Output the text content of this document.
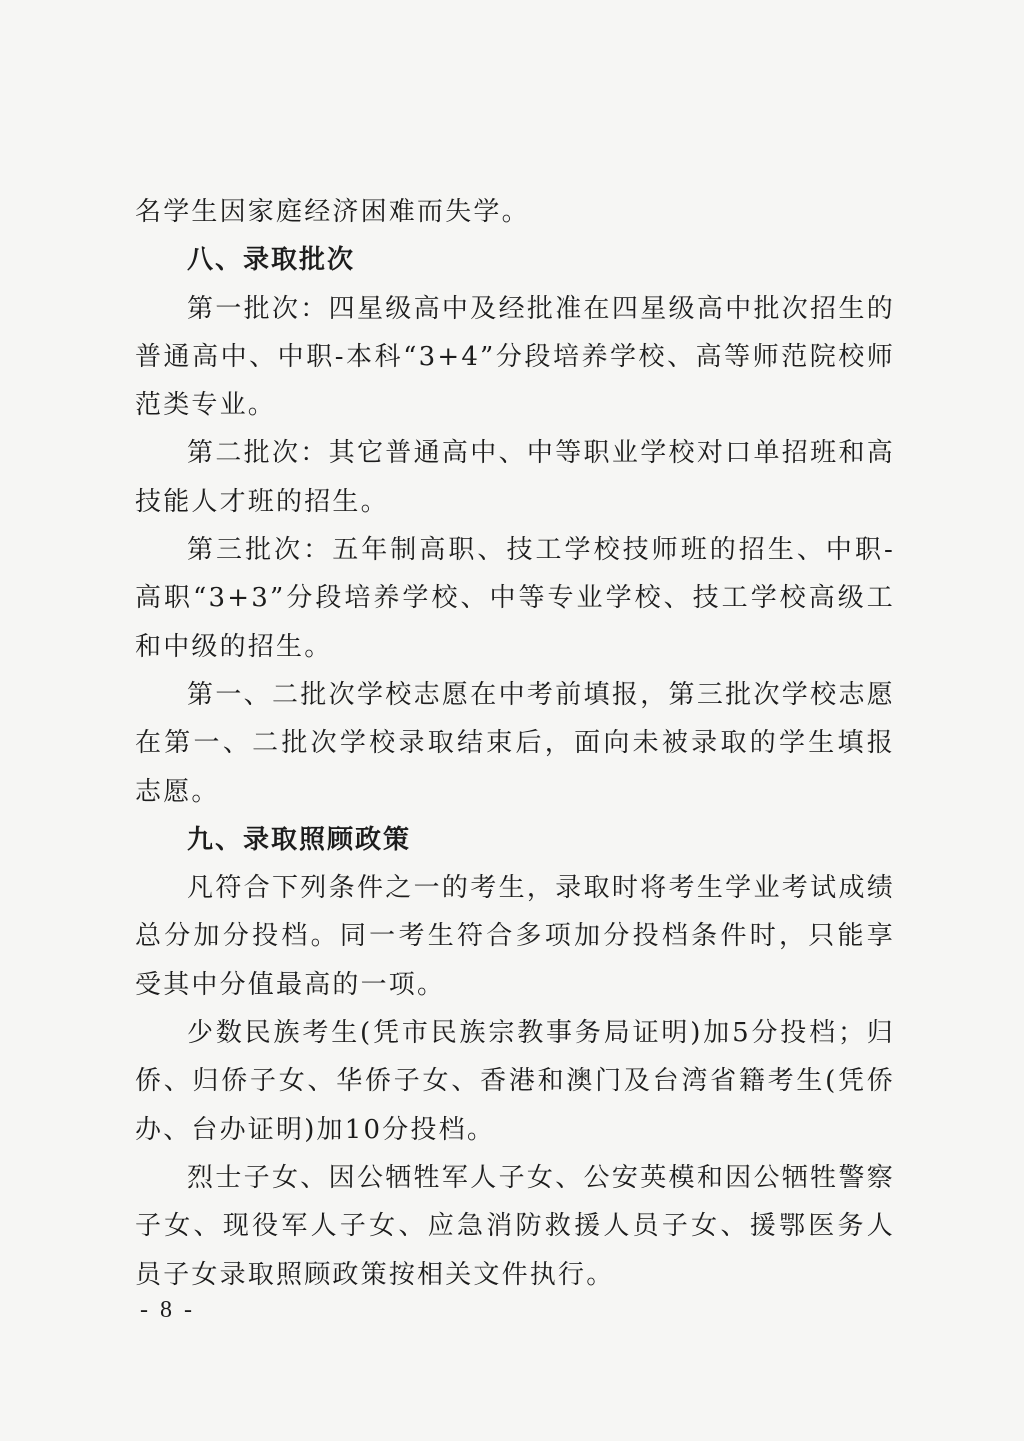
名学生因家庭经济困难而失学。

八、录取批次

第一批次：四星级高中及经批准在四星级高中批次招生的普通高中、中职-本科“3+4”分段培养学校、高等师范院校师范类专业。

第二批次：其它普通高中、中等职业学校对口单招班和高技能人才班的招生。

第三批次：五年制高职、技工学校技师班的招生、中职-高职“3+3”分段培养学校、中等专业学校、技工学校高级工和中级的招生。

第一、二批次学校志愿在中考前填报，第三批次学校志愿在第一、二批次学校录取结束后，面向未被录取的学生填报志愿。

九、录取照顾政策

凡符合下列条件之一的考生，录取时将考生学业考试成绩总分加分投档。同一考生符合多项加分投档条件时，只能享受其中分值最高的一项。

少数民族考生(凭市民族宗教事务局证明)加5分投档；归侨、归侨子女、华侨子女、香港和澳门及台湾省籍考生(凭侨办、台办证明)加10分投档。

烈士子女、因公牺牲军人子女、公安英模和因公牺牲警察子女、现役军人子女、应急消防救援人员子女、援鄂医务人员子女录取照顾政策按相关文件执行。

- 8 -
